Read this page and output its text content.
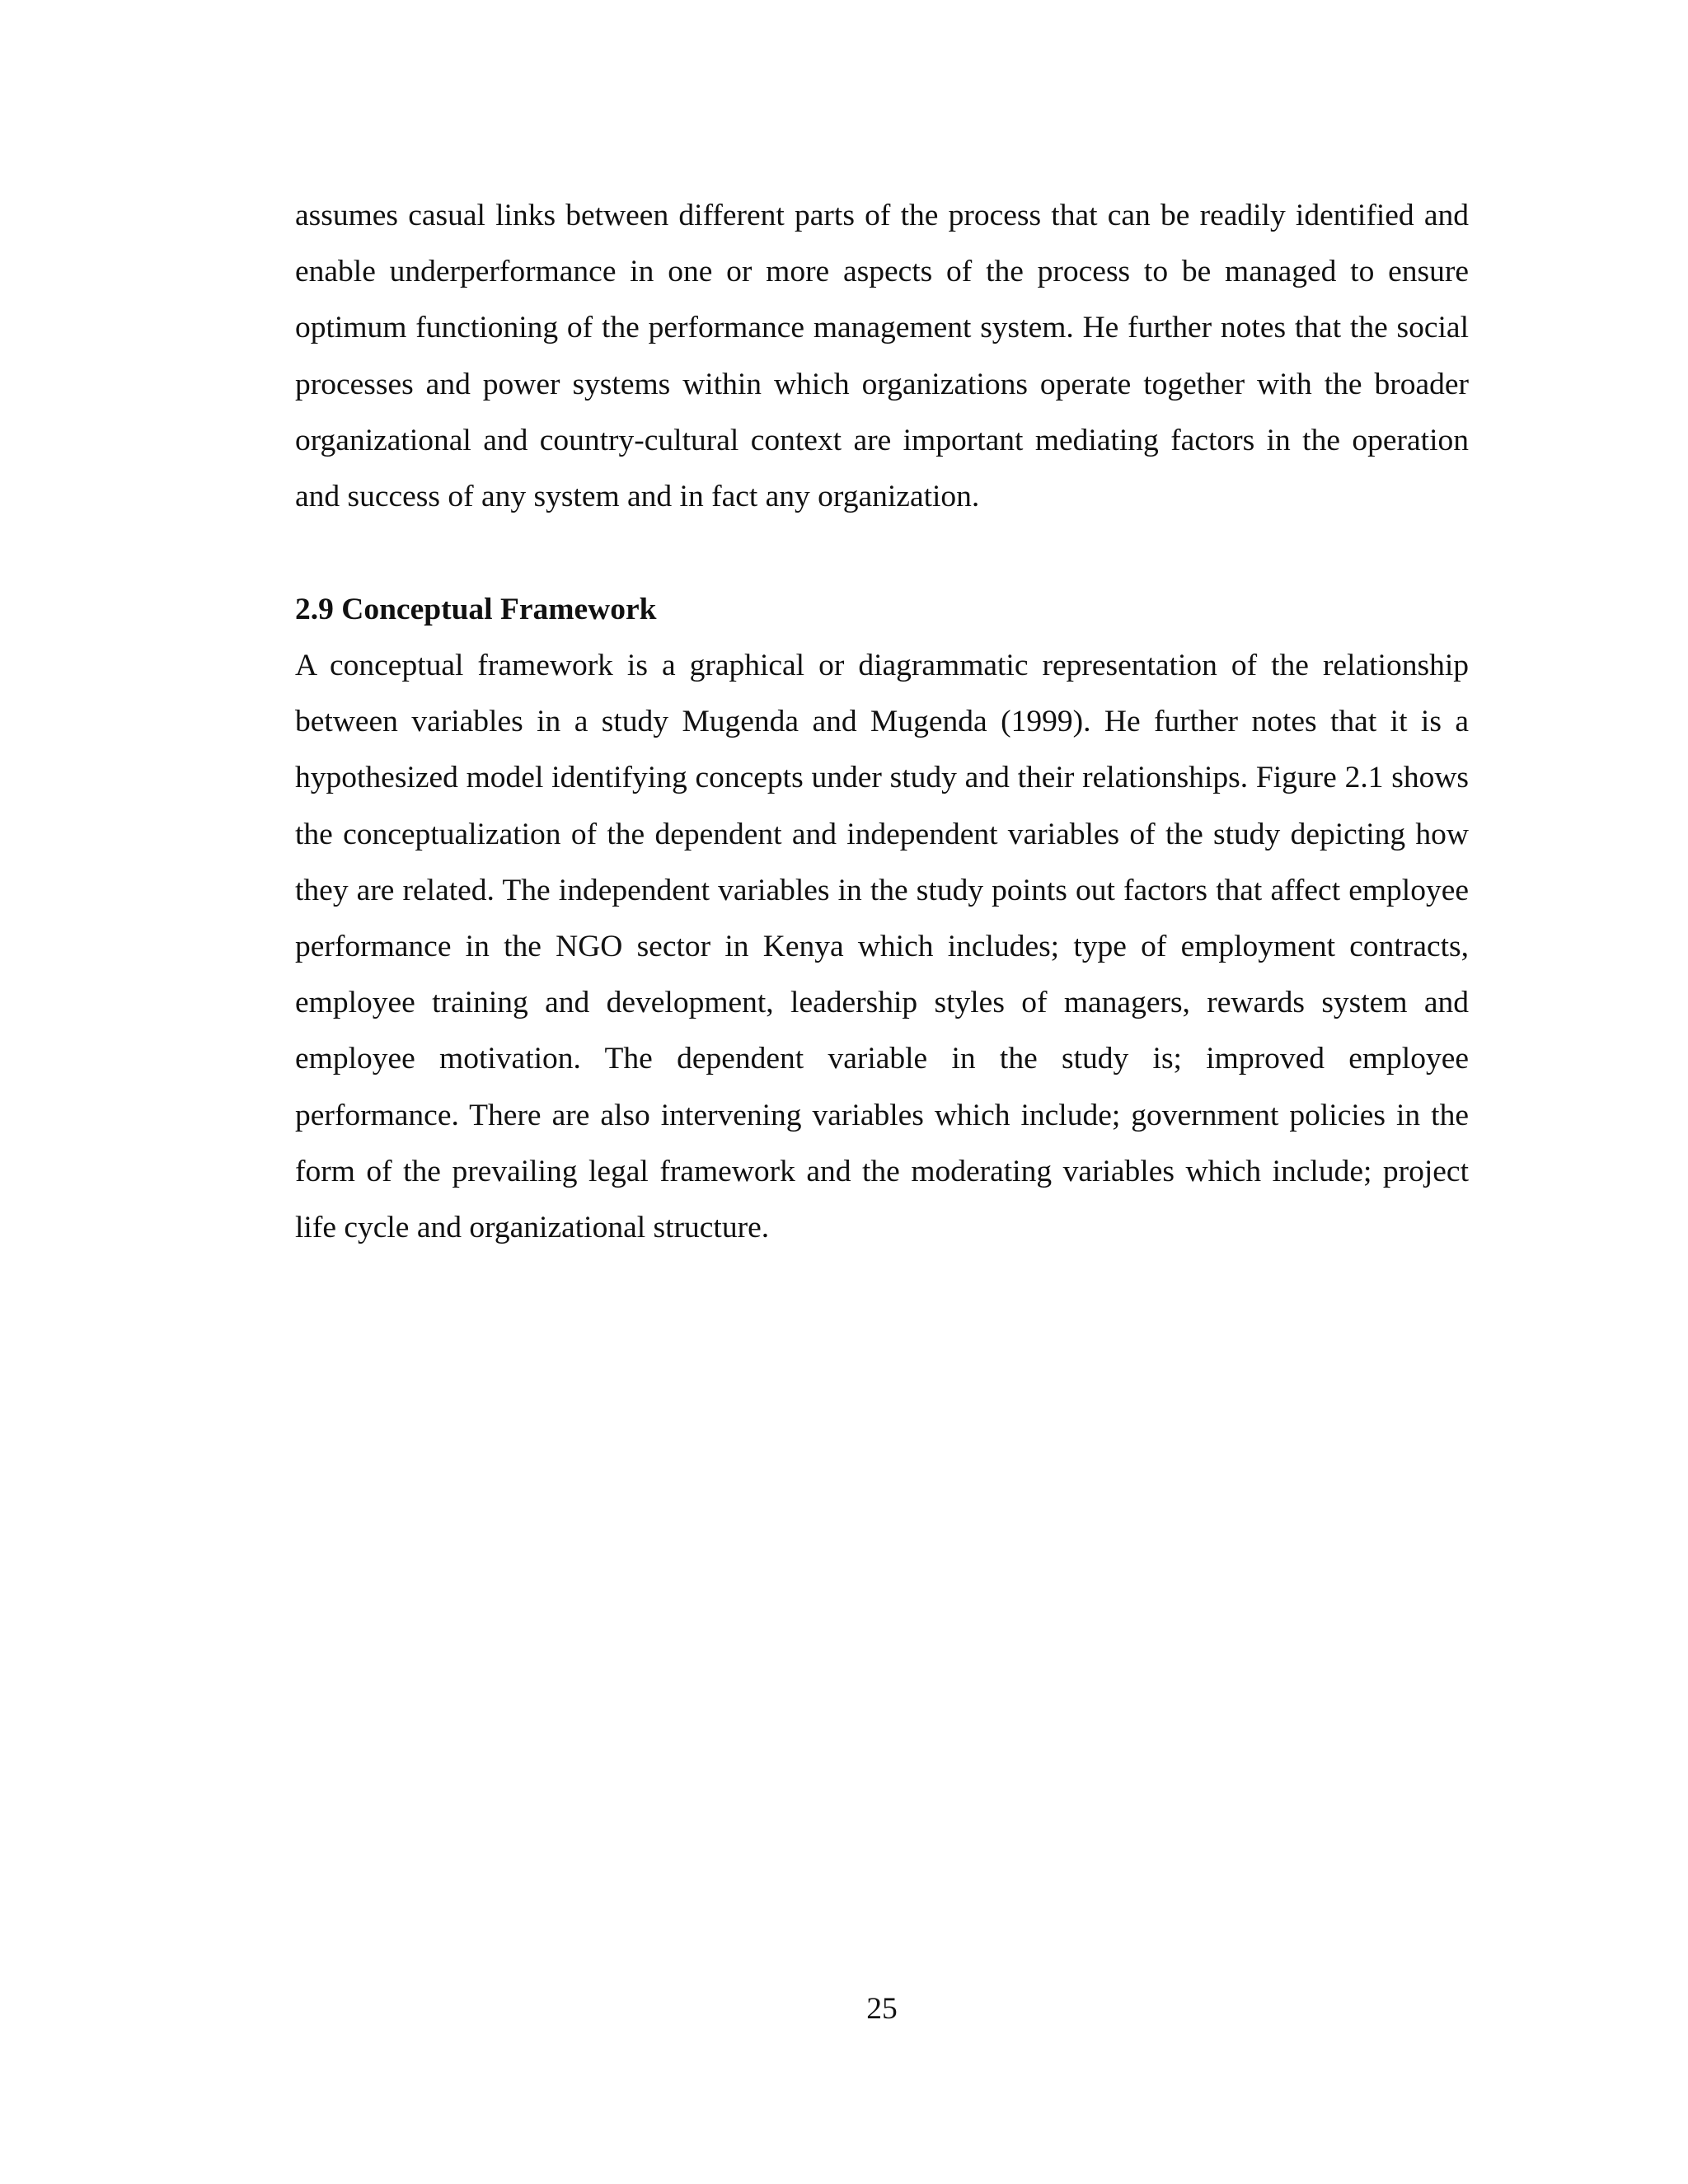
assumes casual links between different parts of the process that can be readily identified and enable underperformance in one or more aspects of the process to be managed to ensure optimum functioning of the performance management system. He further notes that the social processes and power systems within which organizations operate together with the broader organizational and country-cultural context are important mediating factors in the operation and success of any system and in fact any organization.

2.9 Conceptual Framework

A conceptual framework is a graphical or diagrammatic representation of the relationship between variables in a study Mugenda and Mugenda (1999). He further notes that it is a hypothesized model identifying concepts under study and their relationships. Figure 2.1 shows the conceptualization of the dependent and independent variables of the study depicting how they are related. The independent variables in the study points out factors that affect employee performance in the NGO sector in Kenya which includes; type of employment contracts, employee training and development, leadership styles of managers, rewards system and employee motivation. The dependent variable in the study is; improved employee performance. There are also intervening variables which include; government policies in the form of the prevailing legal framework and the moderating variables which include; project life cycle and organizational structure.

25
